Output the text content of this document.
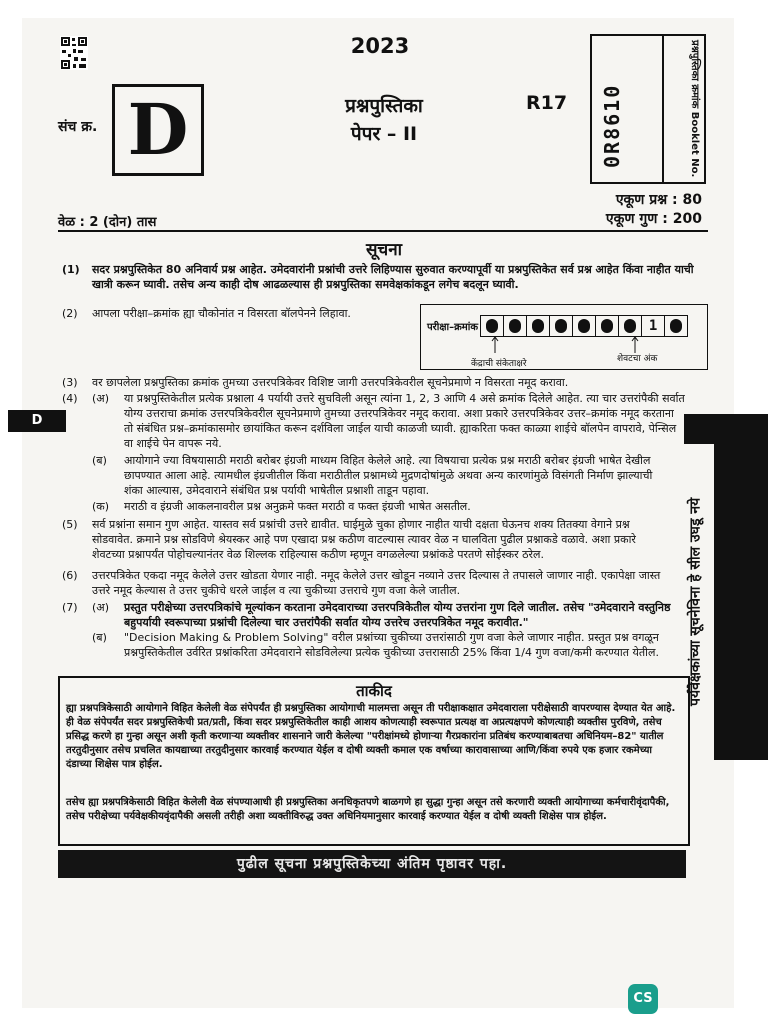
2023
संच क्र. D	प्रश्नपुस्तिका
पेपर – II
R17 0R8610	प्रश्नपुस्तिका क्रमांक Booklet No.
एकूण प्रश्न : 80
एकूण गुण : 200
वेळ : 2 (दोन) तास
सूचना
(1) सदर प्रश्नपुस्तिकेत 80 अनिवार्य प्रश्न आहेत. उमेदवारांनी प्रश्नांची उत्तरे लिहिण्यास सुरुवात करण्यापूर्वी या प्रश्नपुस्तिकेत सर्व प्रश्न आहेत किंवा नाहीत याची खात्री करून घ्यावी. तसेच अन्य काही दोष आढळल्यास ही प्रश्नपुस्तिका समवेक्षकांकडून लगेच बदलून घ्यावी.
(2) आपला परीक्षा–क्रमांक ह्या चौकोनांत न विसरता बॉलपेनने लिहावा.
परीक्षा–क्रमांक	1
केंद्राची संकेताक्षरे	शेवटचा अंक
(3) वर छापलेला प्रश्नपुस्तिका क्रमांक तुमच्या उत्तरपत्रिकेवर विशिष्ट जागी उत्तरपत्रिकेवरील सूचनेप्रमाणे न विसरता नमूद करावा.
(4) (अ) या प्रश्नपुस्तिकेतील प्रत्येक प्रश्नाला 4 पर्यायी उत्तरे सुचविली असून त्यांना 1, 2, 3 आणि 4 असे क्रमांक दिलेले आहेत. त्या चार उत्तरांपैकी सर्वात योग्य उत्तराचा क्रमांक उत्तरपत्रिकेवरील सूचनेप्रमाणे तुमच्या उत्तरपत्रिकेवर नमूद करावा. अशा प्रकारे उत्तरपत्रिकेवर उत्तर–क्रमांक नमूद करताना तो संबंधित प्रश्न–क्रमांकासमोर छायांकित करून दर्शविला जाईल याची काळजी घ्यावी. ह्याकरिता फक्त काळ्या शाईचे बॉलपेन वापरावे, पेन्सिल वा शाईचे पेन वापरू नये.
(ब) आयोगाने ज्या विषयासाठी मराठी बरोबर इंग्रजी माध्यम विहित केलेले आहे. त्या विषयाचा प्रत्येक प्रश्न मराठी बरोबर इंग्रजी भाषेत देखील छापण्यात आला आहे. त्यामधील इंग्रजीतील किंवा मराठीतील प्रश्नामध्ये मुद्रणदोषांमुळे अथवा अन्य कारणांमुळे विसंगती निर्माण झाल्याची शंका आल्यास, उमेदवाराने संबंधित प्रश्न पर्यायी भाषेतील प्रश्नाशी ताडून पहावा.
(क) मराठी व इंग्रजी आकलनावरील प्रश्न अनुक्रमे फक्त मराठी व फक्त इंग्रजी भाषेत असतील.
(5) सर्व प्रश्नांना समान गुण आहेत. यास्तव सर्व प्रश्नांची उत्तरे द्यावीत. घाईमुळे चुका होणार नाहीत याची दक्षता घेऊनच शक्य तितक्या वेगाने प्रश्न सोडवावेत. क्रमाने प्रश्न सोडविणे श्रेयस्कर आहे पण एखादा प्रश्न कठीण वाटल्यास त्यावर वेळ न घालविता पुढील प्रश्नाकडे वळावे. अशा प्रकारे शेवटच्या प्रश्नापर्यंत पोहोचल्यानंतर वेळ शिल्लक राहिल्यास कठीण म्हणून वगळलेल्या प्रश्नांकडे परतणे सोईस्कर ठरेल.
(6) उत्तरपत्रिकेत एकदा नमूद केलेले उत्तर खोडता येणार नाही. नमूद केलेले उत्तर खोडून नव्याने उत्तर दिल्यास ते तपासले जाणार नाही. एकापेक्षा जास्त उत्तरे नमूद केल्यास ते उत्तर चुकीचे धरले जाईल व त्या चुकीच्या उत्तराचे गुण वजा केले जातील.
(7) (अ) प्रस्तुत परीक्षेच्या उत्तरपत्रिकांचे मूल्यांकन करताना उमेदवाराच्या उत्तरपत्रिकेतील योग्य उत्तरांना गुण दिले जातील. तसेच "उमेदवाराने वस्तुनिष्ठ बहुपर्यायी स्वरूपाच्या प्रश्नांची दिलेल्या चार उत्तरांपैकी सर्वात योग्य उत्तरेच उत्तरपत्रिकेत नमूद करावीत."
(ब) "Decision Making & Problem Solving" वरील प्रश्नांच्या चुकीच्या उत्तरांसाठी गुण वजा केले जाणार नाहीत. प्रस्तुत प्रश्न वगळून प्रश्नपुस्तिकेतील उर्वरित प्रश्नांकरिता उमेदवाराने सोडविलेल्या प्रत्येक चुकीच्या उत्तरासाठी 25% किंवा 1/4 गुण वजा/कमी करण्यात येतील.
D
पर्यवेक्षकांच्या सूचनेविना हे सील उघडू नये
ताकीद
ह्या प्रश्नपत्रिकेसाठी आयोगाने विहित केलेली वेळ संपेपर्यंत ही प्रश्नपुस्तिका आयोगाची मालमत्ता असून ती परीक्षाकक्षात उमेदवाराला परीक्षेसाठी वापरण्यास देण्यात येत आहे. ही वेळ संपेपर्यंत सदर प्रश्नपुस्तिकेची प्रत/प्रती, किंवा सदर प्रश्नपुस्तिकेतील काही आशय कोणत्याही स्वरूपात प्रत्यक्ष वा अप्रत्यक्षपणे कोणत्याही व्यक्तीस पुरविणे, तसेच प्रसिद्ध करणे हा गुन्हा असून अशी कृती करणाऱ्या व्यक्तीवर शासनाने जारी केलेल्या "परीक्षांमध्ये होणाऱ्या गैरप्रकारांना प्रतिबंध करण्याबाबतचा अधिनियम–82" यातील तरतुदीनुसार तसेच प्रचलित कायद्याच्या तरतुदीनुसार कारवाई करण्यात येईल व दोषी व्यक्ती कमाल एक वर्षाच्या कारावासाच्या आणि/किंवा रुपये एक हजार रकमेच्या दंडाच्या शिक्षेस पात्र होईल.
तसेच ह्या प्रश्नपत्रिकेसाठी विहित केलेली वेळ संपण्याआधी ही प्रश्नपुस्तिका अनधिकृतपणे बाळगणे हा सुद्धा गुन्हा असून तसे करणारी व्यक्ती आयोगाच्या कर्मचारीवृंदापैकी, तसेच परीक्षेच्या पर्यवेक्षकीयवृंदापैकी असली तरीही अशा व्यक्तीविरुद्ध उक्त अधिनियमानुसार कारवाई करण्यात येईल व दोषी व्यक्ती शिक्षेस पात्र होईल.
पुढील सूचना प्रश्नपुस्तिकेच्या अंतिम पृष्ठावर पहा.
CS
